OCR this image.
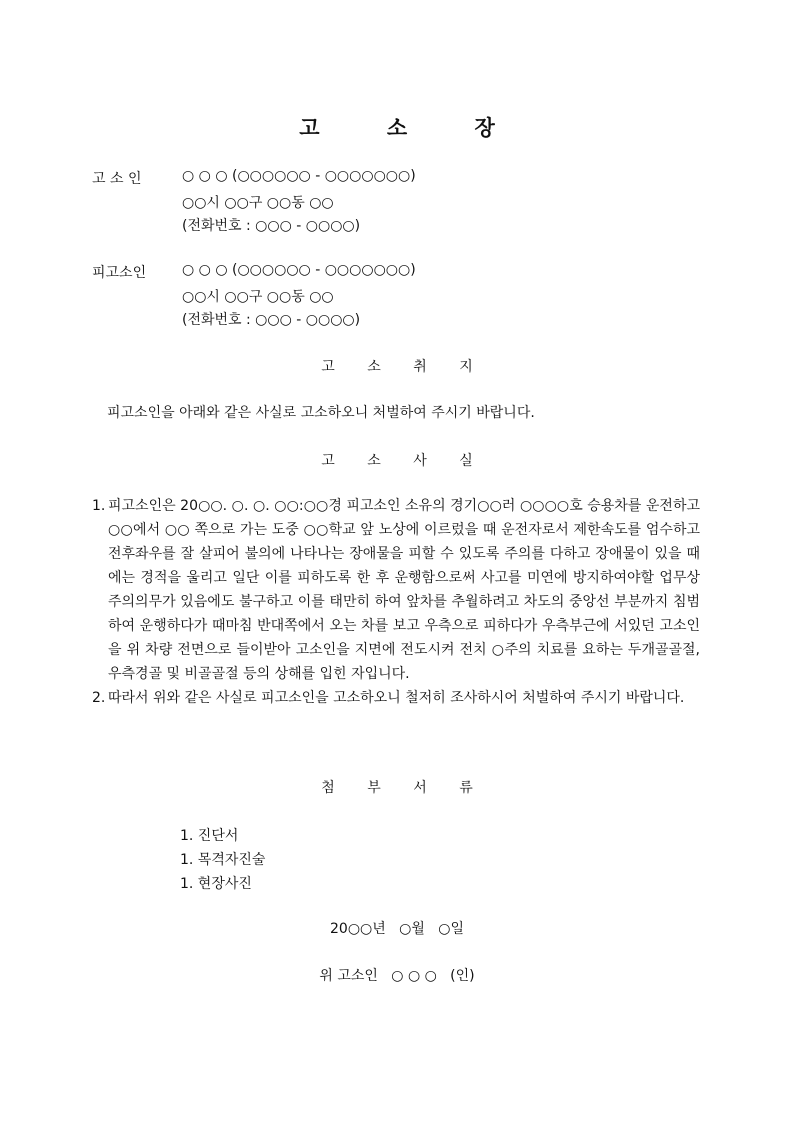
고 소 장
고 소 인	○ ○ ○ (○○○○○○ - ○○○○○○○)
○○시 ○○구 ○○동 ○○
(전화번호 : ○○○ - ○○○○)
피고소인	○ ○ ○ (○○○○○○ - ○○○○○○○)
○○시 ○○구 ○○동 ○○
(전화번호 : ○○○ - ○○○○)
고 소 취 지
피고소인을 아래와 같은 사실로 고소하오니 처벌하여 주시기 바랍니다.
고 소 사 실
1. 피고소인은 20○○. ○. ○. ○○:○○경 피고소인 소유의 경기○○러 ○○○○호 승용차를 운전하고 ○○에서 ○○ 쪽으로 가는 도중 ○○학교 앞 노상에 이르렀을 때 운전자로서 제한속도를 엄수하고 전후좌우를 잘 살피어 불의에 나타나는 장애물을 피할 수 있도록 주의를 다하고 장애물이 있을 때에는 경적을 울리고 일단 이를 피하도록 한 후 운행함으로써 사고를 미연에 방지하여야할 업무상 주의의무가 있음에도 불구하고 이를 태만히 하여 앞차를 추월하려고 차도의 중앙선 부분까지 침범하여 운행하다가 때마침 반대쪽에서 오는 차를 보고 우측으로 피하다가 우측부근에 서있던 고소인을 위 차량 전면으로 들이받아 고소인을 지면에 전도시켜 전치 ○주의 치료를 요하는 두개골골절, 우측경골 및 비골골절 등의 상해를 입힌 자입니다.
2. 따라서 위와 같은 사실로 피고소인을 고소하오니 철저히 조사하시어 처벌하여 주시기 바랍니다.
첨 부 서 류
1. 진단서
1. 목격자진술
1. 현장사진
20○○년   ○월   ○일
위 고소인   ○ ○ ○   (인)
